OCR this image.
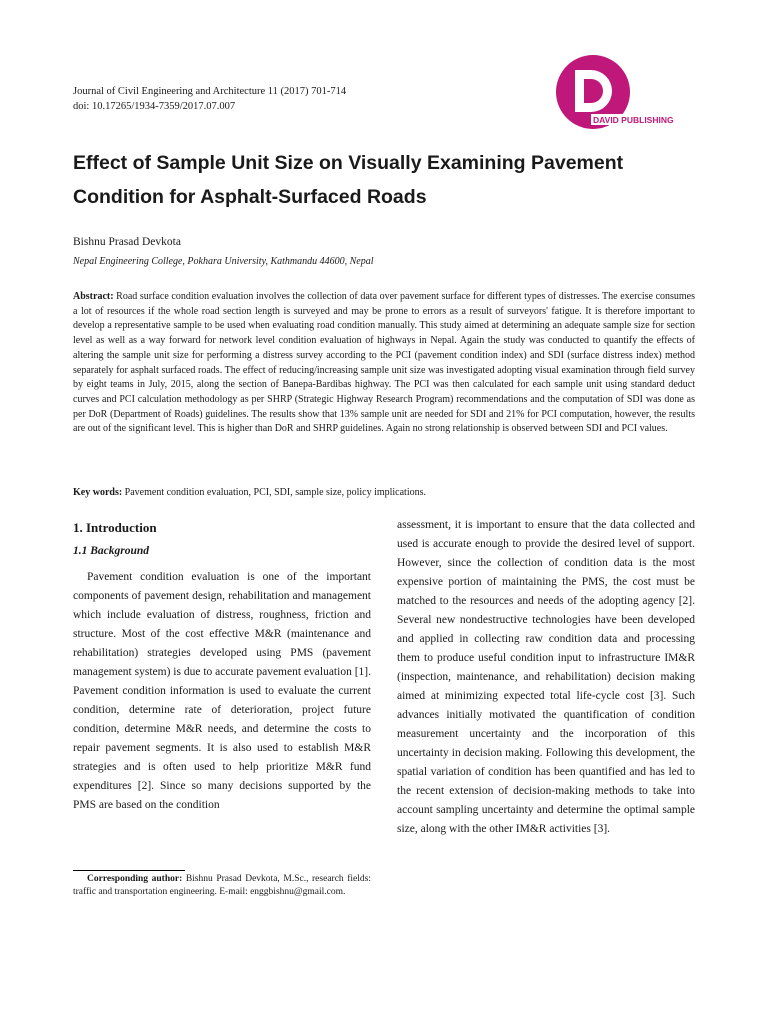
Journal of Civil Engineering and Architecture 11 (2017) 701-714
doi: 10.17265/1934-7359/2017.07.007
DAVID PUBLISHING
Effect of Sample Unit Size on Visually Examining Pavement Condition for Asphalt-Surfaced Roads
Bishnu Prasad Devkota
Nepal Engineering College, Pokhara University, Kathmandu 44600, Nepal

Abstract: Road surface condition evaluation involves the collection of data over pavement surface for different types of distresses. The exercise consumes a lot of resources if the whole road section length is surveyed and may be prone to errors as a result of surveyors' fatigue. It is therefore important to develop a representative sample to be used when evaluating road condition manually. This study aimed at determining an adequate sample size for section level as well as a way forward for network level condition evaluation of highways in Nepal. Again the study was conducted to quantify the effects of altering the sample unit size for performing a distress survey according to the PCI (pavement condition index) and SDI (surface distress index) method separately for asphalt surfaced roads. The effect of reducing/increasing sample unit size was investigated adopting visual examination through field survey by eight teams in July, 2015, along the section of Banepa-Bardibas highway. The PCI was then calculated for each sample unit using standard deduct curves and PCI calculation methodology as per SHRP (Strategic Highway Research Program) recommendations and the computation of SDI was done as per DoR (Department of Roads) guidelines. The results show that 13% sample unit are needed for SDI and 21% for PCI computation, however, the results are out of the significant level. This is higher than DoR and SHRP guidelines. Again no strong relationship is observed between SDI and PCI values.

Key words: Pavement condition evaluation, PCI, SDI, sample size, policy implications.

1. Introduction
1.1 Background

Pavement condition evaluation is one of the important components of pavement design, rehabilitation and management which include evaluation of distress, roughness, friction and structure. Most of the cost effective M&R (maintenance and rehabilitation) strategies developed using PMS (pavement management system) is due to accurate pavement evaluation [1]. Pavement condition information is used to evaluate the current condition, determine rate of deterioration, project future condition, determine M&R needs, and determine the costs to repair pavement segments. It is also used to establish M&R strategies and is often used to help prioritize M&R fund expenditures [2]. Since so many decisions supported by the PMS are based on the condition

assessment, it is important to ensure that the data collected and used is accurate enough to provide the desired level of support. However, since the collection of condition data is the most expensive portion of maintaining the PMS, the cost must be matched to the resources and needs of the adopting agency [2]. Several new nondestructive technologies have been developed and applied in collecting raw condition data and processing them to produce useful condition input to infrastructure IM&R (inspection, maintenance, and rehabilitation) decision making aimed at minimizing expected total life-cycle cost [3]. Such advances initially motivated the quantification of condition measurement uncertainty and the incorporation of this uncertainty in decision making. Following this development, the spatial variation of condition has been quantified and has led to the recent extension of decision-making methods to take into account sampling uncertainty and determine the optimal sample size, along with the other IM&R activities [3].

Corresponding author: Bishnu Prasad Devkota, M.Sc., research fields: traffic and transportation engineering. E-mail: enggbishnu@gmail.com.
